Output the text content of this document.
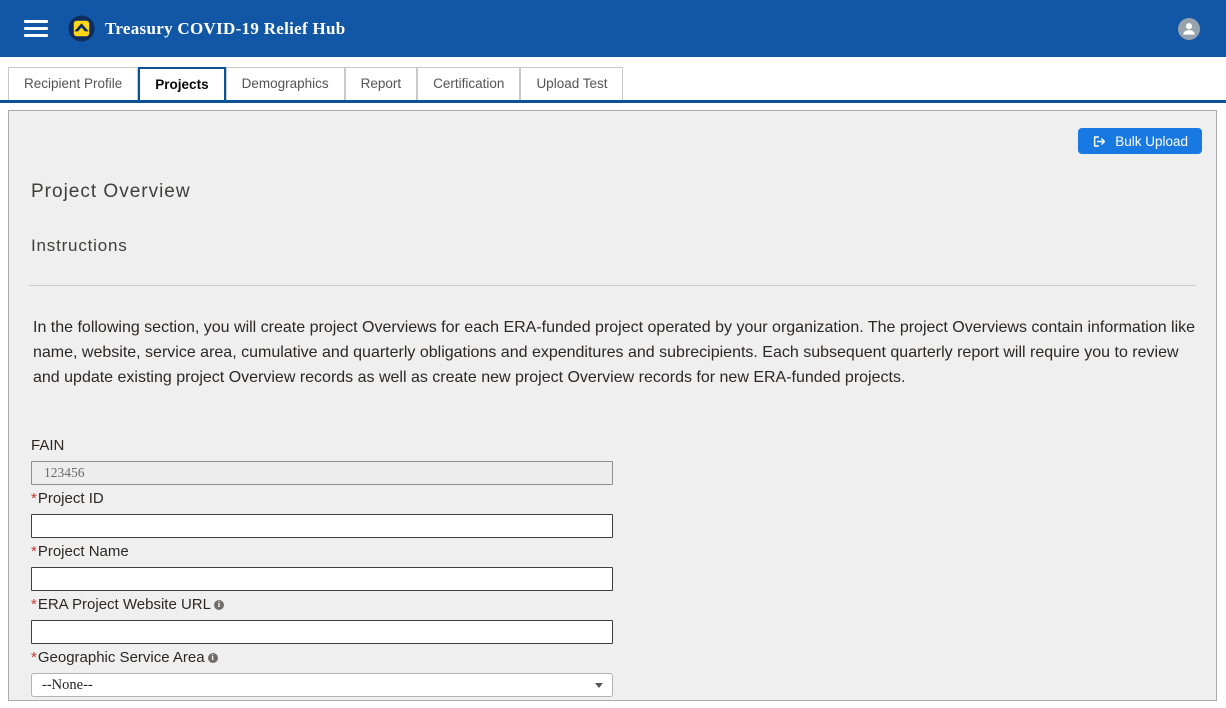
Treasury COVID-19 Relief Hub
Recipient Profile	Projects	Demographics	Report	Certification	Upload Test
Bulk Upload
Project Overview
Instructions

In the following section, you will create project Overviews for each ERA-funded project operated by your organization. The project Overviews contain information like name, website, service area, cumulative and quarterly obligations and expenditures and subrecipients. Each subsequent quarterly report will require you to review and update existing project Overview records as well as create new project Overview records for new ERA-funded projects.

FAIN
123456
*Project ID
*Project Name
*ERA Project Website URL i
*Geographic Service Area i
--None--
